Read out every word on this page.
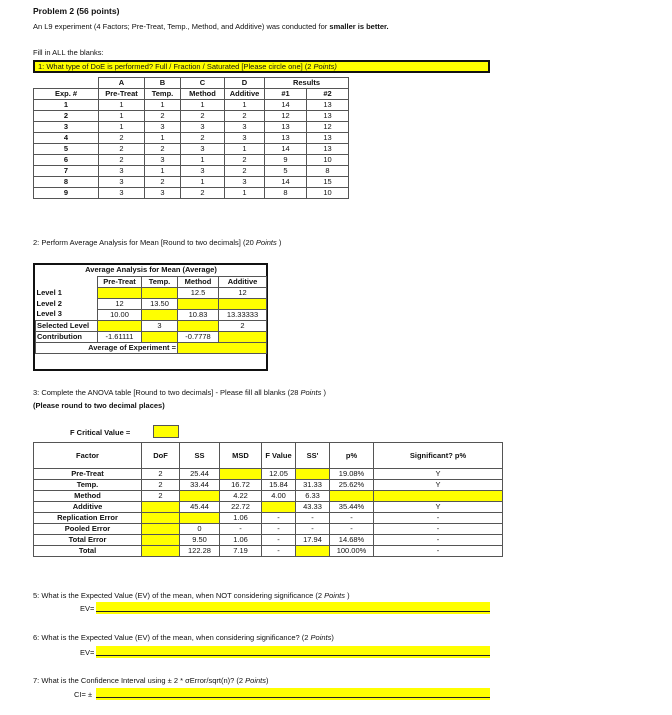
Problem 2 (56 points)
An L9 experiment (4 Factors; Pre-Treat, Temp., Method, and Additive) was conducted for smaller is better.
Fill in ALL the blanks:
1: What type of DoE is performed? Full / Fraction / Saturated [Please circle one] (2 Points)
	A	B	C	D	Results	
Exp. #	Pre-Treat	Temp.	Method	Additive	#1	#2
1	1	1	1	1	14	13
2	1	2	2	2	12	13
3	1	3	3	3	13	12
4	2	1	2	3	13	13
5	2	2	3	1	14	13
6	2	3	1	2	9	10
7	3	1	3	2	5	8
8	3	2	1	3	14	15
9	3	3	2	1	8	10
2: Perform Average Analysis for Mean [Round to two decimals] (20 Points )
Average Analysis for Mean (Average)				
	Pre-Treat	Temp.	Method	Additive
Level 1			12.5	12
Level 2	12	13.50		
Level 3	10.00		10.83	13.33333
Selected Level		3		2
Contribution	-1.61111		-0.7778	
Average of Experiment =				
3: Complete the ANOVA table [Round to two decimals] - Please fill all blanks (28 Points )
(Please round to two decimal places)
F Critical Value =
Factor	DoF	SS	MSD	F Value	SS'	p%	Significant? p%
Pre-Treat	2	25.44		12.05		19.08%	Y
Temp.	2	33.44	16.72	15.84	31.33	25.62%	Y
Method	2		4.22	4.00	6.33		
Additive		45.44	22.72		43.33	35.44%	Y
Replication Error			1.06	-	-	-	-
Pooled Error		0	-	-	-	-	-
Total Error		9.50	1.06	-	17.94	14.68%	-
Total		122.28	7.19	-		100.00%	-
5: What is the Expected Value (EV) of the mean, when NOT considering significance (2 Points )
EV=
6: What is the Expected Value (EV) of the mean, when considering significance? (2 Points)
EV=
7: What is the Confidence Interval using ± 2 * σError/sqrt(n)? (2 Points)
CI= ±
